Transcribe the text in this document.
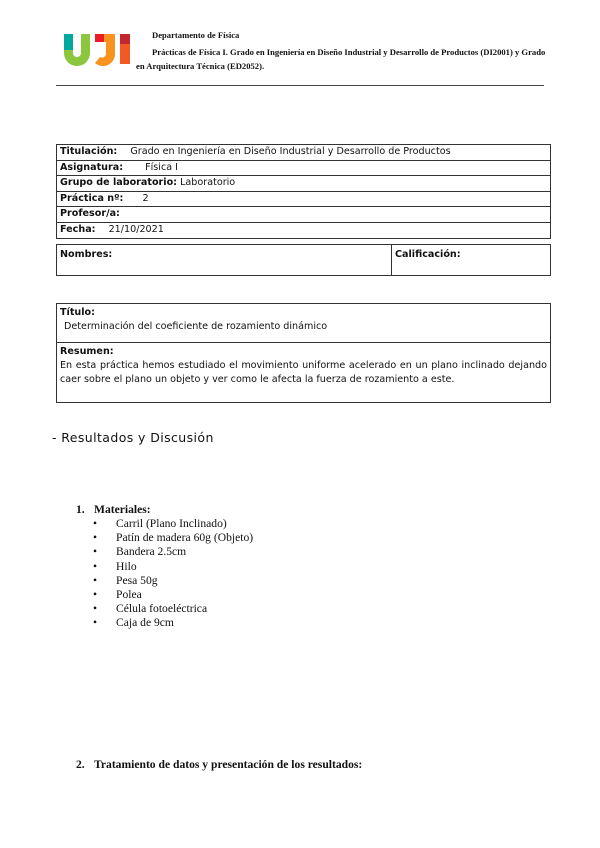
Departamento de Física
Prácticas de Física I. Grado en Ingeniería en Diseño Industrial y Desarrollo de Productos (DI2001) y Grado en Arquitectura Técnica (ED2052).
Titulación: Grado en Ingeniería en Diseño Industrial y Desarrollo de Productos
Asignatura: Física I
Grupo de laboratorio: Laboratorio
Práctica nº: 2
Profesor/a:
Fecha: 21/10/2021
Nombres:	Calificación:
Título:
Determinación del coeficiente de rozamiento dinámico
Resumen:
En esta práctica hemos estudiado el movimiento uniforme acelerado en un plano inclinado dejando caer sobre el plano un objeto y ver como le afecta la fuerza de rozamiento a este.
- Resultados y Discusión
1. Materiales:
• Carril (Plano Inclinado)
• Patín de madera 60g (Objeto)
• Bandera 2.5cm
• Hilo
• Pesa 50g
• Polea
• Célula fotoeléctrica
• Caja de 9cm
2. Tratamiento de datos y presentación de los resultados:
